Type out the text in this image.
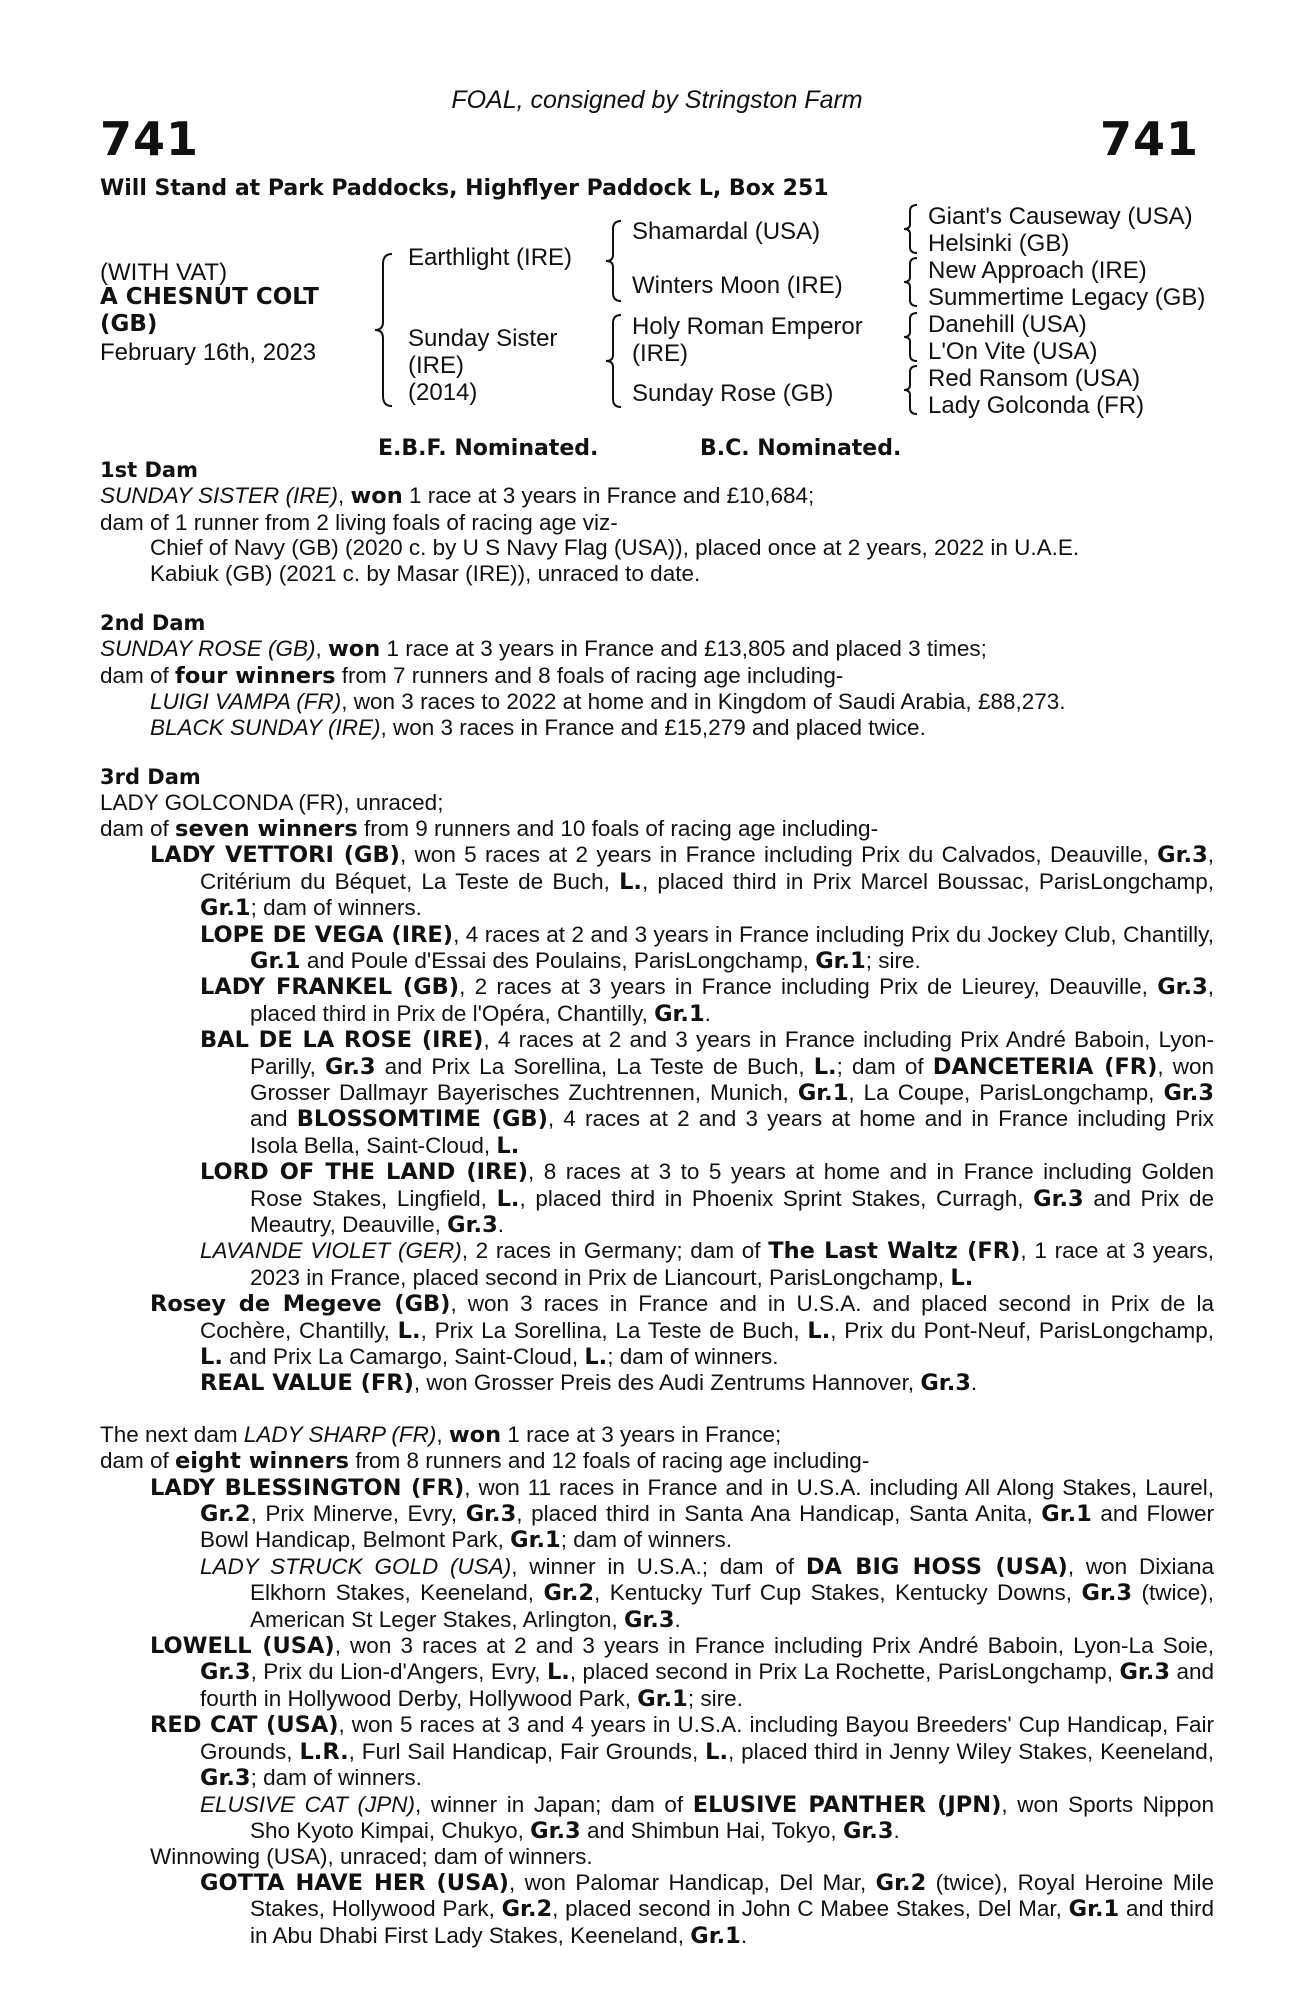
741	741
FOAL, consigned by Stringston Farm
Will Stand at Park Paddocks, Highflyer Paddock L, Box 251
(WITH VAT)
A CHESNUT COLT
(GB)
February 16th, 2023
Earthlight (IRE)
Sunday Sister
(IRE)
(2014)
Shamardal (USA)
Winters Moon (IRE)
Holy Roman Emperor
(IRE)
Sunday Rose (GB)
Giant's Causeway (USA)
Helsinki (GB)
New Approach (IRE)
Summertime Legacy (GB)
Danehill (USA)
L'On Vite (USA)
Red Ransom (USA)
Lady Golconda (FR)
E.B.F. Nominated.	B.C. Nominated.

1st Dam

SUNDAY SISTER (IRE), won 1 race at 3 years in France and £10,684;

dam of 1 runner from 2 living foals of racing age viz-

Chief of Navy (GB) (2020 c. by U S Navy Flag (USA)), placed once at 2 years, 2022 in U.A.E.

Kabiuk (GB) (2021 c. by Masar (IRE)), unraced to date.

2nd Dam

SUNDAY ROSE (GB), won 1 race at 3 years in France and £13,805 and placed 3 times;

dam of four winners from 7 runners and 8 foals of racing age including-

LUIGI VAMPA (FR), won 3 races to 2022 at home and in Kingdom of Saudi Arabia, £88,273.

BLACK SUNDAY (IRE), won 3 races in France and £15,279 and placed twice.

3rd Dam

LADY GOLCONDA (FR), unraced;

dam of seven winners from 9 runners and 10 foals of racing age including-

LADY VETTORI (GB), won 5 races at 2 years in France including Prix du Calvados, Deauville, Gr.3, Critérium du Béquet, La Teste de Buch, L., placed third in Prix Marcel Boussac, ParisLongchamp, Gr.1; dam of winners.

LOPE DE VEGA (IRE), 4 races at 2 and 3 years in France including Prix du Jockey Club, Chantilly, Gr.1 and Poule d'Essai des Poulains, ParisLongchamp, Gr.1; sire.

LADY FRANKEL (GB), 2 races at 3 years in France including Prix de Lieurey, Deauville, Gr.3, placed third in Prix de l'Opéra, Chantilly, Gr.1.

BAL DE LA ROSE (IRE), 4 races at 2 and 3 years in France including Prix André Baboin, Lyon-Parilly, Gr.3 and Prix La Sorellina, La Teste de Buch, L.; dam of DANCETERIA (FR), won Grosser Dallmayr Bayerisches Zuchtrennen, Munich, Gr.1, La Coupe, ParisLongchamp, Gr.3 and BLOSSOMTIME (GB), 4 races at 2 and 3 years at home and in France including Prix Isola Bella, Saint-Cloud, L.

LORD OF THE LAND (IRE), 8 races at 3 to 5 years at home and in France including Golden Rose Stakes, Lingfield, L., placed third in Phoenix Sprint Stakes, Curragh, Gr.3 and Prix de Meautry, Deauville, Gr.3.

LAVANDE VIOLET (GER), 2 races in Germany; dam of The Last Waltz (FR), 1 race at 3 years, 2023 in France, placed second in Prix de Liancourt, ParisLongchamp, L.

Rosey de Megeve (GB), won 3 races in France and in U.S.A. and placed second in Prix de la Cochère, Chantilly, L., Prix La Sorellina, La Teste de Buch, L., Prix du Pont-Neuf, ParisLongchamp, L. and Prix La Camargo, Saint-Cloud, L.; dam of winners.

REAL VALUE (FR), won Grosser Preis des Audi Zentrums Hannover, Gr.3.

The next dam LADY SHARP (FR), won 1 race at 3 years in France;

dam of eight winners from 8 runners and 12 foals of racing age including-

LADY BLESSINGTON (FR), won 11 races in France and in U.S.A. including All Along Stakes, Laurel, Gr.2, Prix Minerve, Evry, Gr.3, placed third in Santa Ana Handicap, Santa Anita, Gr.1 and Flower Bowl Handicap, Belmont Park, Gr.1; dam of winners.

LADY STRUCK GOLD (USA), winner in U.S.A.; dam of DA BIG HOSS (USA), won Dixiana Elkhorn Stakes, Keeneland, Gr.2, Kentucky Turf Cup Stakes, Kentucky Downs, Gr.3 (twice), American St Leger Stakes, Arlington, Gr.3.

LOWELL (USA), won 3 races at 2 and 3 years in France including Prix André Baboin, Lyon-La Soie, Gr.3, Prix du Lion-d'Angers, Evry, L., placed second in Prix La Rochette, ParisLongchamp, Gr.3 and fourth in Hollywood Derby, Hollywood Park, Gr.1; sire.

RED CAT (USA), won 5 races at 3 and 4 years in U.S.A. including Bayou Breeders' Cup Handicap, Fair Grounds, L.R., Furl Sail Handicap, Fair Grounds, L., placed third in Jenny Wiley Stakes, Keeneland, Gr.3; dam of winners.

ELUSIVE CAT (JPN), winner in Japan; dam of ELUSIVE PANTHER (JPN), won Sports Nippon Sho Kyoto Kimpai, Chukyo, Gr.3 and Shimbun Hai, Tokyo, Gr.3.

Winnowing (USA), unraced; dam of winners.

GOTTA HAVE HER (USA), won Palomar Handicap, Del Mar, Gr.2 (twice), Royal Heroine Mile Stakes, Hollywood Park, Gr.2, placed second in John C Mabee Stakes, Del Mar, Gr.1 and third in Abu Dhabi First Lady Stakes, Keeneland, Gr.1.
